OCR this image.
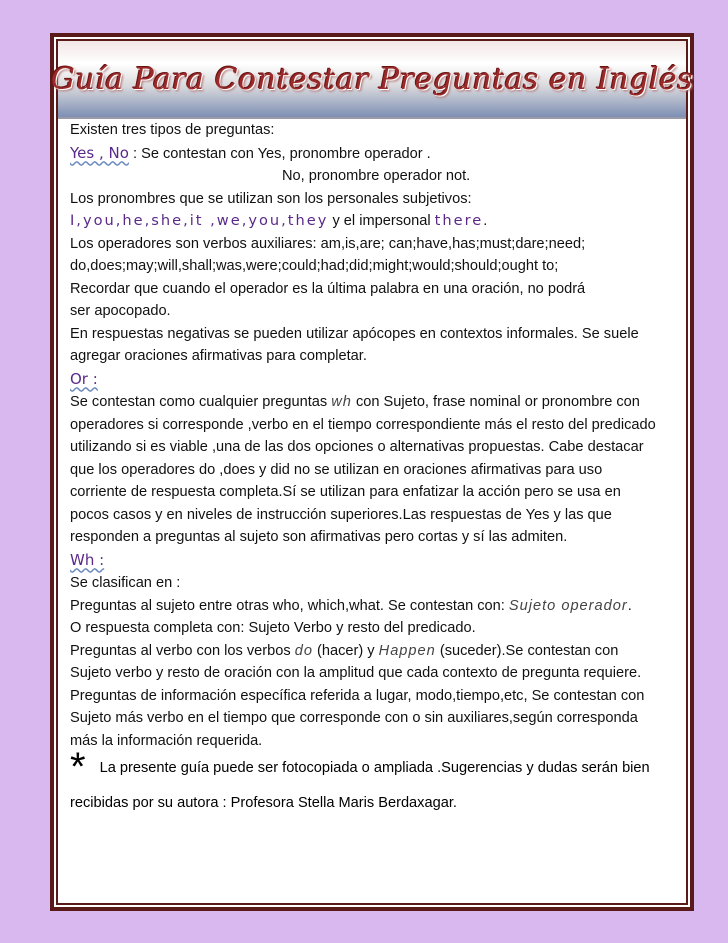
Guía Para Contestar Preguntas en Inglés
Existen tres tipos de preguntas:
Yes , No : Se contestan con Yes, pronombre operador .
No, pronombre operador not.
Los pronombres que se utilizan son los personales subjetivos:
I,you,he,she,it ,we,you,they y el impersonal there.
Los operadores son verbos auxiliares: am,is,are; can;have,has;must;dare;need;
do,does;may;will,shall;was,were;could;had;did;might;would;should;ought to;
Recordar que cuando el operador es la última palabra en una oración, no podrá
ser apocopado.
En respuestas negativas se pueden utilizar apócopes en contextos informales. Se suele
agregar oraciones afirmativas para completar.
Or :
Se contestan como cualquier preguntas wh con Sujeto, frase nominal or pronombre con
operadores si corresponde ,verbo en el tiempo correspondiente más el resto del predicado
utilizando si es viable ,una de las dos opciones o alternativas propuestas. Cabe destacar
que los operadores do ,does y did no se utilizan en oraciones afirmativas para uso
corriente de respuesta completa.Sí se utilizan para enfatizar la acción pero se usa en
pocos casos y en niveles de instrucción superiores.Las respuestas de Yes y las que
responden a preguntas al sujeto son afirmativas pero cortas y sí las admiten.
Wh :
Se clasifican en :
Preguntas al sujeto entre otras who, which,what. Se contestan con: Sujeto operador.
O respuesta completa con: Sujeto Verbo y resto del predicado.
Preguntas al verbo con los verbos do (hacer) y Happen (suceder).Se contestan con
Sujeto verbo y resto de oración con la amplitud que cada contexto de pregunta requiere.
Preguntas de información específica referida a lugar, modo,tiempo,etc, Se contestan con
Sujeto más verbo en el tiempo que corresponde con o sin auxiliares,según corresponda
más la información requerida.
* La presente guía puede ser fotocopiada o ampliada .Sugerencias y dudas serán bien
recibidas por su autora : Profesora Stella Maris Berdaxagar.
